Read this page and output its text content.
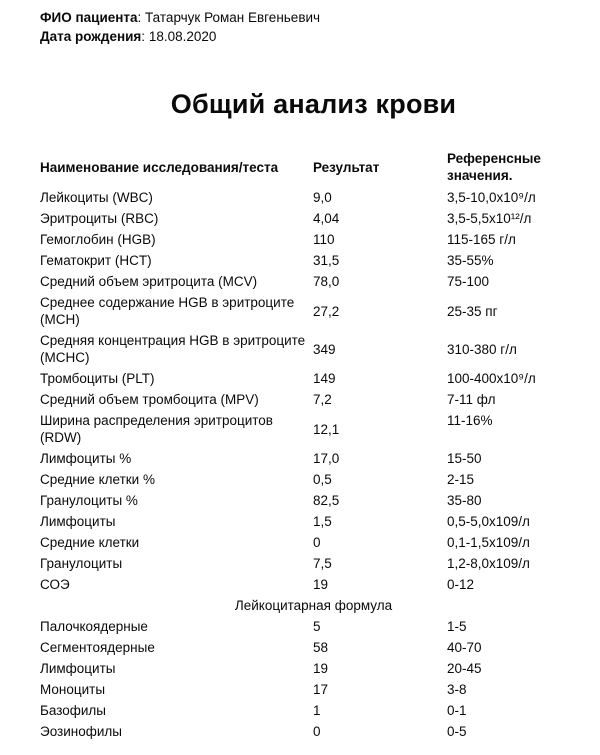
ФИО пациента: Татарчук Роман Евгеньевич
Дата рождения: 18.08.2020
Общий анализ крови
Наименование исследования/теста	Результат	Референсные значения.
Лейкоциты (WBC)	9,0	3,5-10,0x10⁹/л
Эритроциты (RBC)	4,04	3,5-5,5x10¹²/л
Гемоглобин (HGB)	110	115-165 г/л
Гематокрит (HCT)	31,5	35-55%
Средний объем эритроцита (MCV)	78,0	75-100
Среднее содержание HGB в эритроците (MCH)	27,2	25-35 пг
Средняя концентрация HGB в эритроците (MCHC)	349	310-380 г/л
Тромбоциты (PLT)	149	100-400x10⁹/л
Средний объем тромбоцита (MPV)	7,2	7-11 фл
Ширина распределения эритроцитов (RDW)	12,1	11-16%
Лимфоциты %	17,0	15-50
Средние клетки %	0,5	2-15
Гранулоциты %	82,5	35-80
Лимфоциты	1,5	0,5-5,0x109/л
Средние клетки	0	0,1-1,5x109/л
Гранулоциты	7,5	1,2-8,0x109/л
СОЭ	19	0-12
Лейкоцитарная формула		
Палочкоядерные	5	1-5
Сегментоядерные	58	40-70
Лимфоциты	19	20-45
Моноциты	17	3-8
Базофилы	1	0-1
Эозинофилы	0	0-5
